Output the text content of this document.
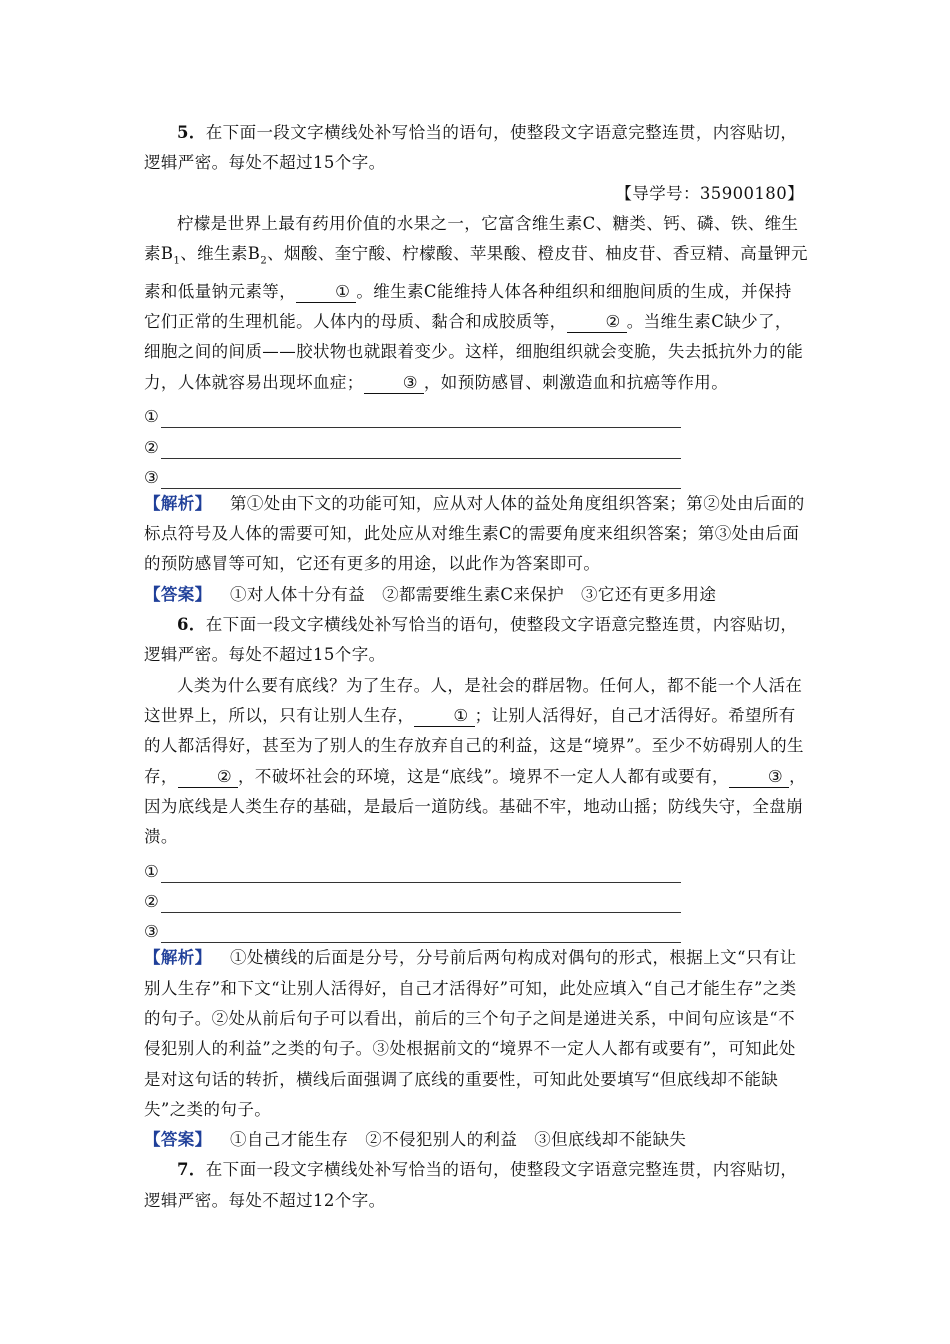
5．在下面一段文字横线处补写恰当的语句，使整段文字语意完整连贯，内容贴切，逻辑严密。每处不超过15个字。

【导学号：35900180】

柠檬是世界上最有药用价值的水果之一，它富含维生素C、糖类、钙、磷、铁、维生素$B_1$、维生素$B_2$、烟酸、奎宁酸、柠檬酸、苹果酸、橙皮苷、柚皮苷、香豆精、高量钾元素和低量钠元素等， ① 。维生素C能维持人体各种组织和细胞间质的生成，并保持它们正常的生理机能。人体内的母质、黏合和成胶质等， ② 。当维生素C缺少了，细胞之间的间质——胶状物也就跟着变少。这样，细胞组织就会变脆，失去抵抗外力的能力，人体就容易出现坏血症； ③ ，如预防感冒、刺激造血和抗癌等作用。

①
②
③

【解析】 第①处由下文的功能可知，应从对人体的益处角度组织答案；第②处由后面的标点符号及人体的需要可知，此处应从对维生素C的需要角度来组织答案；第③处由后面的预防感冒等可知，它还有更多的用途，以此作为答案即可。

【答案】 ①对人体十分有益　②都需要维生素C来保护　③它还有更多用途

6．在下面一段文字横线处补写恰当的语句，使整段文字语意完整连贯，内容贴切，逻辑严密。每处不超过15个字。

人类为什么要有底线？为了生存。人，是社会的群居物。任何人，都不能一个人活在这世界上，所以，只有让别人生存， ① ；让别人活得好，自己才活得好。希望所有的人都活得好，甚至为了别人的生存放弃自己的利益，这是“境界”。至少不妨碍别人的生存， ② ，不破坏社会的环境，这是“底线”。境界不一定人人都有或要有， ③ ，因为底线是人类生存的基础，是最后一道防线。基础不牢，地动山摇；防线失守，全盘崩溃。

①
②
③

【解析】 ①处横线的后面是分号，分号前后两句构成对偶句的形式，根据上文“只有让别人生存”和下文“让别人活得好，自己才活得好”可知，此处应填入“自己才能生存”之类的句子。②处从前后句子可以看出，前后的三个句子之间是递进关系，中间句应该是“不侵犯别人的利益”之类的句子。③处根据前文的“境界不一定人人都有或要有”，可知此处是对这句话的转折，横线后面强调了底线的重要性，可知此处要填写“但底线却不能缺失”之类的句子。

【答案】 ①自己才能生存　②不侵犯别人的利益　③但底线却不能缺失

7．在下面一段文字横线处补写恰当的语句，使整段文字语意完整连贯，内容贴切，逻辑严密。每处不超过12个字。
